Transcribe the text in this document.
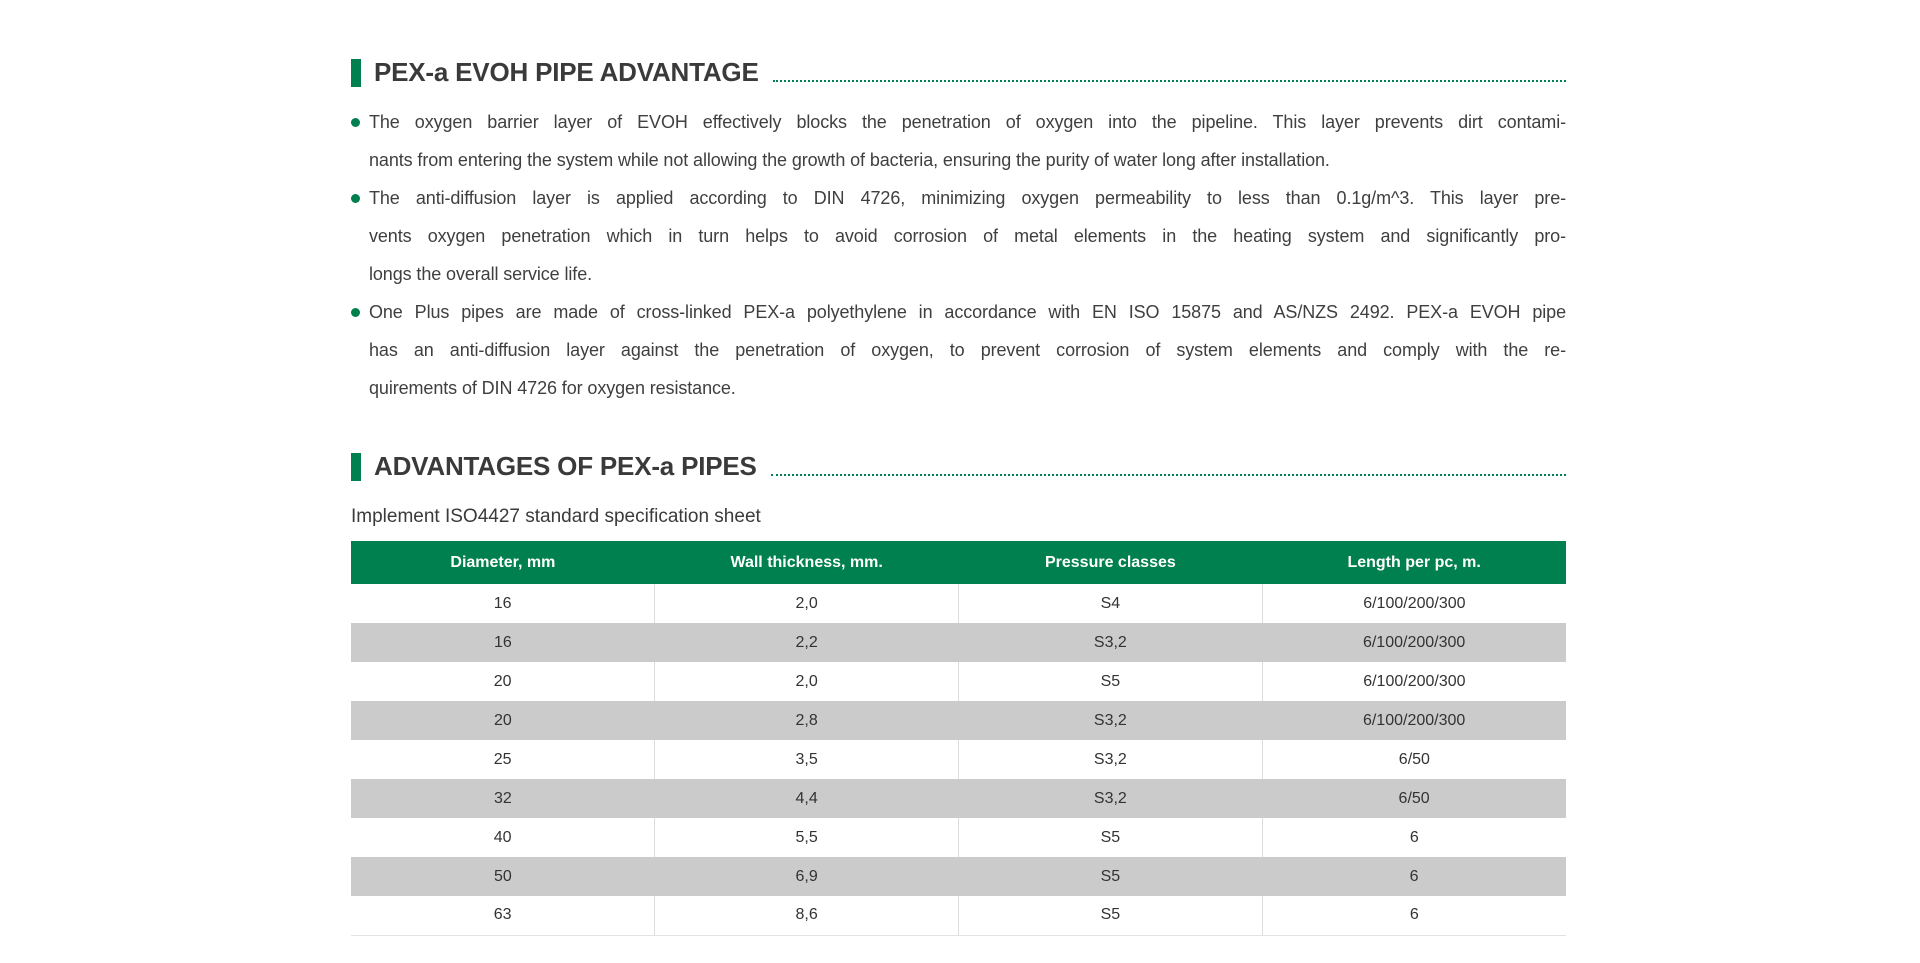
PEX-a EVOH PIPE ADVANTAGE
The oxygen barrier layer of EVOH effectively blocks the penetration of oxygen into the pipeline. This layer prevents dirt contami-
nants from entering the system while not allowing the growth of bacteria, ensuring the purity of water long after installation.
The anti-diffusion layer is applied according to DIN 4726, minimizing oxygen permeability to less than 0.1g/m^3. This layer pre-
vents oxygen penetration which in turn helps to avoid corrosion of metal elements in the heating system and significantly pro-
longs the overall service life.
One Plus pipes are made of cross-linked PEX-a polyethylene in accordance with EN ISO 15875 and AS/NZS 2492. PEX-a EVOH pipe
has an anti-diffusion layer against the penetration of oxygen, to prevent corrosion of system elements and comply with the re-
quirements of DIN 4726 for oxygen resistance.
ADVANTAGES OF PEX-a PIPES

Implement ISO4427 standard specification sheet

Diameter, mm	Wall thickness, mm.	Pressure classes	Length per pc, m.
16	2,0	S4	6/100/200/300
16	2,2	S3,2	6/100/200/300
20	2,0	S5	6/100/200/300
20	2,8	S3,2	6/100/200/300
25	3,5	S3,2	6/50
32	4,4	S3,2	6/50
40	5,5	S5	6
50	6,9	S5	6
63	8,6	S5	6
